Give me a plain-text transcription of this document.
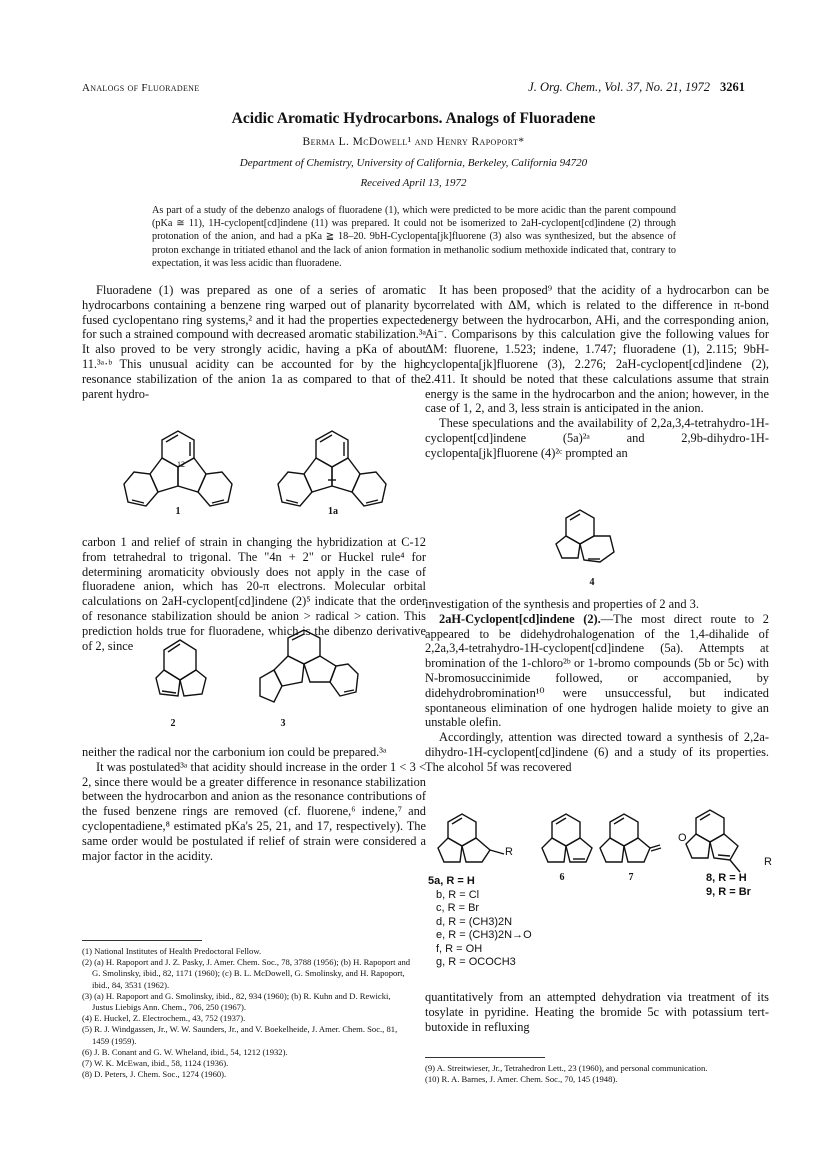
Analogs of Fluoradene	J. Org. Chem., Vol. 37, No. 21, 1972 3261
Acidic Aromatic Hydrocarbons. Analogs of Fluoradene
Berma L. McDowell¹ and Henry Rapoport*
Department of Chemistry, University of California, Berkeley, California 94720
Received April 13, 1972
As part of a study of the debenzo analogs of fluoradene (1), which were predicted to be more acidic than the parent compound (pKa ≅ 11), 1H-cyclopent[cd]indene (11) was prepared. It could not be isomerized to 2aH-cyclopent[cd]indene (2) through protonation of the anion, and had a pKa ≧ 18–20. 9bH-Cyclopenta[jk]fluorene (3) also was synthesized, but the absence of proton exchange in tritiated ethanol and the lack of anion formation in methanolic sodium methoxide indicated that, contrary to expectation, it was less acidic than fluoradene.

Fluoradene (1) was prepared as one of a series of aromatic hydrocarbons containing a benzene ring warped out of planarity by fused cyclopentano ring systems,² and it had the properties expected for such a strained compound with decreased aromatic stabilization.³ᵃ It also proved to be very strongly acidic, having a pKa of about 11.³ᵃ·ᵇ This unusual acidity can be accounted for by the high resonance stabilization of the anion 1a as compared to that of the parent hydro-

12
1	1a

carbon 1 and relief of strain in changing the hybridization at C-12 from tetrahedral to trigonal. The "4n + 2" or Huckel rule⁴ for determining aromaticity obviously does not apply in the case of fluoradene anion, which has 20-π electrons. Molecular orbital calculations on 2aH-cyclopent[cd]indene (2)⁵ indicate that the order of resonance stabilization should be anion > radical > cation. This prediction holds true for fluoradene, which is the dibenzo derivative of 2, since

2	3

neither the radical nor the carbonium ion could be prepared.³ᵃ

It was postulated³ᵃ that acidity should increase in the order 1 < 3 < 2, since there would be a greater difference in resonance stabilization between the hydrocarbon and anion as the resonance contributions of the fused benzene rings are removed (cf. fluorene,⁶ indene,⁷ and cyclopentadiene,⁸ estimated pKa's 25, 21, and 17, respectively). The same order would be postulated if relief of strain were considered a major factor in the acidity.

(1) National Institutes of Health Predoctoral Fellow.
(2) (a) H. Rapoport and J. Z. Pasky, J. Amer. Chem. Soc., 78, 3788 (1956); (b) H. Rapoport and G. Smolinsky, ibid., 82, 1171 (1960); (c) B. L. McDowell, G. Smolinsky, and H. Rapoport, ibid., 84, 3531 (1962).
(3) (a) H. Rapoport and G. Smolinsky, ibid., 82, 934 (1960); (b) R. Kuhn and D. Rewicki, Justus Liebigs Ann. Chem., 706, 250 (1967).
(4) E. Huckel, Z. Electrochem., 43, 752 (1937).
(5) R. J. Windgassen, Jr., W. W. Saunders, Jr., and V. Boekelheide, J. Amer. Chem. Soc., 81, 1459 (1959).
(6) J. B. Conant and G. W. Wheland, ibid., 54, 1212 (1932).
(7) W. K. McEwan, ibid., 58, 1124 (1936).
(8) D. Peters, J. Chem. Soc., 1274 (1960).

It has been proposed⁹ that the acidity of a hydrocarbon can be correlated with ΔM, which is related to the difference in π-bond energy between the hydrocarbon, AHi, and the corresponding anion, Ai⁻. Comparisons by this calculation give the following values for ΔM: fluorene, 1.523; indene, 1.747; fluoradene (1), 2.115; 9bH-cyclopenta[jk]fluorene (3), 2.276; 2aH-cyclopent[cd]indene (2), 2.411. It should be noted that these calculations assume that strain energy is the same in the hydrocarbon and the anion; however, in the case of 1, 2, and 3, less strain is anticipated in the anion.

These speculations and the availability of 2,2a,3,4-tetrahydro-1H-cyclopent[cd]indene (5a)²ᵃ and 2,9b-dihydro-1H-cyclopenta[jk]fluorene (4)²ᶜ prompted an

4

investigation of the synthesis and properties of 2 and 3.

2aH-Cyclopent[cd]indene (2).—The most direct route to 2 appeared to be didehydrohalogenation of the 1,4-dihalide of 2,2a,3,4-tetrahydro-1H-cyclopent[cd]indene (5a). Attempts at bromination of the 1-chloro²ᵇ or 1-bromo compounds (5b or 5c) with N-bromosuccinimide followed, or accompanied, by didehydrobromination¹⁰ were unsuccessful, but indicated spontaneous elimination of one hydrogen halide moiety to give an unstable olefin.

Accordingly, attention was directed toward a synthesis of 2,2a-dihydro-1H-cyclopent[cd]indene (6) and a study of its properties. The alcohol 5f was recovered

R
O
R
6	7	8, R = H
9, R = Br
5a, R = H
b, R = Cl
c, R = Br
d, R = (CH3)2N
e, R = (CH3)2N→O
f, R = OH
g, R = OCOCH3

quantitatively from an attempted dehydration via treatment of its tosylate in pyridine. Heating the bromide 5c with potassium tert-butoxide in refluxing

(9) A. Streitwieser, Jr., Tetrahedron Lett., 23 (1960), and personal communication.
(10) R. A. Barnes, J. Amer. Chem. Soc., 70, 145 (1948).
